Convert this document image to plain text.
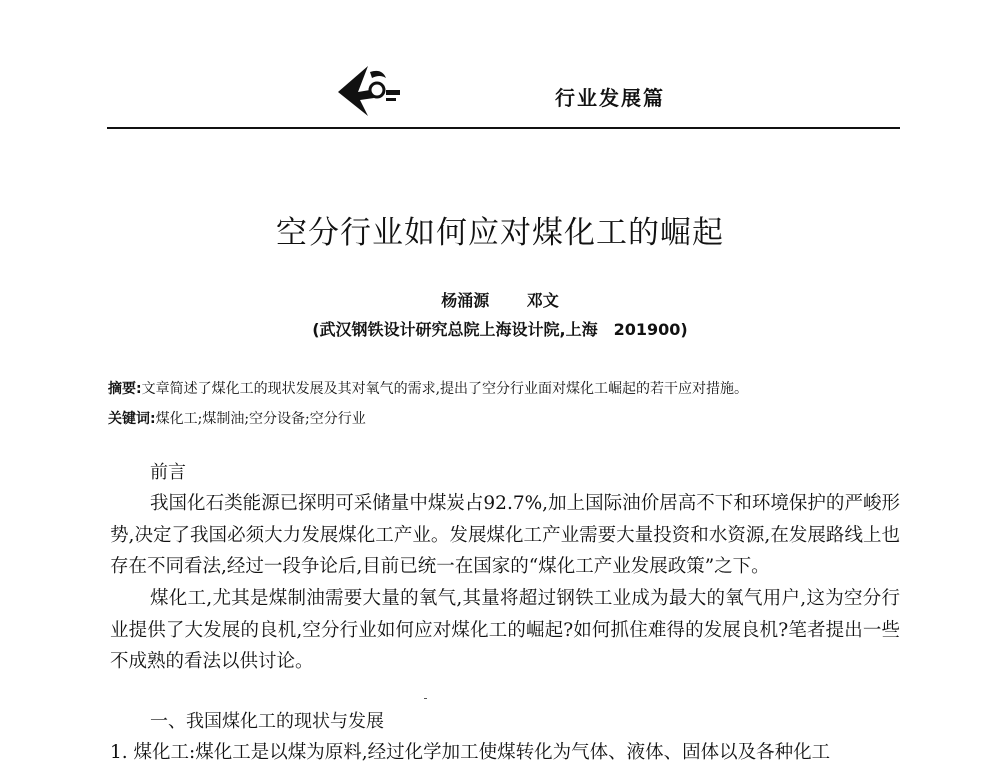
行业发展篇
空分行业如何应对煤化工的崛起
杨涌源 邓文
(武汉钢铁设计研究总院上海设计院,上海　201900)
摘要:文章简述了煤化工的现状发展及其对氧气的需求,提出了空分行业面对煤化工崛起的若干应对措施。
关键词:煤化工;煤制油;空分设备;空分行业
前言

我国化石类能源已探明可采储量中煤炭占92.7%,加上国际油价居高不下和环境保护的严峻形势,决定了我国必须大力发展煤化工产业。发展煤化工产业需要大量投资和水资源,在发展路线上也存在不同看法,经过一段争论后,目前已统一在国家的“煤化工产业发展政策”之下。

煤化工,尤其是煤制油需要大量的氧气,其量将超过钢铁工业成为最大的氧气用户,这为空分行业提供了大发展的良机,空分行业如何应对煤化工的崛起?如何抓住难得的发展良机?笔者提出一些不成熟的看法以供讨论。

一、我国煤化工的现状与发展
1. 煤化工:煤化工是以煤为原料,经过化学加工使煤转化为气体、液体、固体以及各种化工
